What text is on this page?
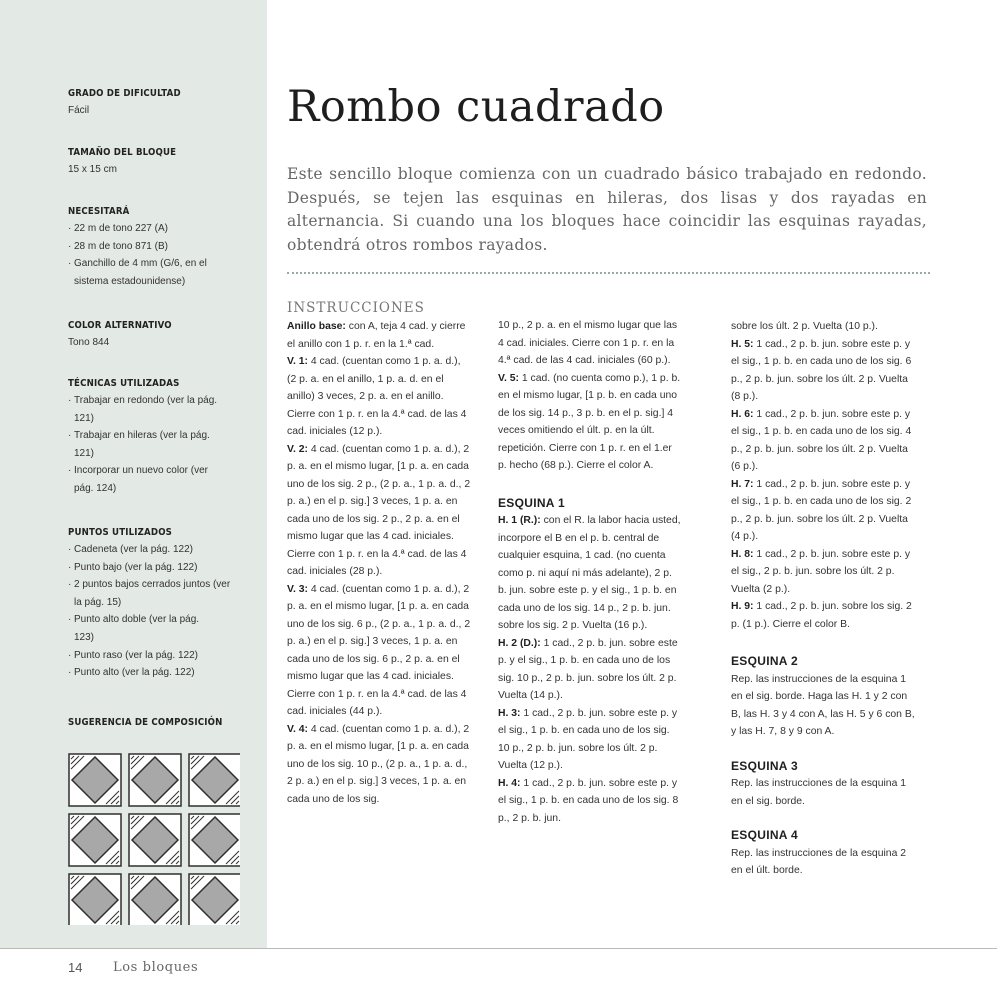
GRADO DE DIFICULTAD
Fácil
TAMAÑO DEL BLOQUE
15 x 15 cm
NECESITARÁ
· 22 m de tono 227 (A)
· 28 m de tono 871 (B)
· Ganchillo de 4 mm (G/6, en el sistema estadounidense)
COLOR ALTERNATIVO
Tono 844
TÉCNICAS UTILIZADAS
· Trabajar en redondo (ver la pág. 121)
· Trabajar en hileras (ver la pág. 121)
· Incorporar un nuevo color (ver pág. 124)
PUNTOS UTILIZADOS
· Cadeneta (ver la pág. 122)
· Punto bajo (ver la pág. 122)
· 2 puntos bajos cerrados juntos (ver la pág. 15)
· Punto alto doble (ver la pág. 123)
· Punto raso (ver la pág. 122)
· Punto alto (ver la pág. 122)
SUGERENCIA DE COMPOSICIÓN
Rombo cuadrado

Este sencillo bloque comienza con un cuadrado básico trabajado en redondo. Después, se tejen las esquinas en hileras, dos lisas y dos rayadas en alternancia. Si cuando una los bloques hace coincidir las esquinas rayadas, obtendrá otros rombos rayados.

INSTRUCCIONES

Anillo base: con A, teja 4 cad. y cierre el anillo con 1 p. r. en la 1.ª cad.

V. 1: 4 cad. (cuentan como 1 p. a. d.), (2 p. a. en el anillo, 1 p. a. d. en el anillo) 3 veces, 2 p. a. en el anillo. Cierre con 1 p. r. en la 4.ª cad. de las 4 cad. iniciales (12 p.).

V. 2: 4 cad. (cuentan como 1 p. a. d.), 2 p. a. en el mismo lugar, [1 p. a. en cada uno de los sig. 2 p., (2 p. a., 1 p. a. d., 2 p. a.) en el p. sig.] 3 veces, 1 p. a. en cada uno de los sig. 2 p., 2 p. a. en el mismo lugar que las 4 cad. iniciales. Cierre con 1 p. r. en la 4.ª cad. de las 4 cad. iniciales (28 p.).

V. 3: 4 cad. (cuentan como 1 p. a. d.), 2 p. a. en el mismo lugar, [1 p. a. en cada uno de los sig. 6 p., (2 p. a., 1 p. a. d., 2 p. a.) en el p. sig.] 3 veces, 1 p. a. en cada uno de los sig. 6 p., 2 p. a. en el mismo lugar que las 4 cad. iniciales. Cierre con 1 p. r. en la 4.ª cad. de las 4 cad. iniciales (44 p.).

V. 4: 4 cad. (cuentan como 1 p. a. d.), 2 p. a. en el mismo lugar, [1 p. a. en cada uno de los sig. 10 p., (2 p. a., 1 p. a. d., 2 p. a.) en el p. sig.] 3 veces, 1 p. a. en cada uno de los sig.

10 p., 2 p. a. en el mismo lugar que las 4 cad. iniciales. Cierre con 1 p. r. en la 4.ª cad. de las 4 cad. iniciales (60 p.).

V. 5: 1 cad. (no cuenta como p.), 1 p. b. en el mismo lugar, [1 p. b. en cada uno de los sig. 14 p., 3 p. b. en el p. sig.] 4 veces omitiendo el últ. p. en la últ. repetición. Cierre con 1 p. r. en el 1.er p. hecho (68 p.). Cierre el color A.

ESQUINA 1

H. 1 (R.): con el R. la labor hacia usted, incorpore el B en el p. b. central de cualquier esquina, 1 cad. (no cuenta como p. ni aquí ni más adelante), 2 p. b. jun. sobre este p. y el sig., 1 p. b. en cada uno de los sig. 14 p., 2 p. b. jun. sobre los sig. 2 p. Vuelta (16 p.).

H. 2 (D.): 1 cad., 2 p. b. jun. sobre este p. y el sig., 1 p. b. en cada uno de los sig. 10 p., 2 p. b. jun. sobre los últ. 2 p. Vuelta (14 p.).

H. 3: 1 cad., 2 p. b. jun. sobre este p. y el sig., 1 p. b. en cada uno de los sig. 10 p., 2 p. b. jun. sobre los últ. 2 p. Vuelta (12 p.).

H. 4: 1 cad., 2 p. b. jun. sobre este p. y el sig., 1 p. b. en cada uno de los sig. 8 p., 2 p. b. jun.

sobre los últ. 2 p. Vuelta (10 p.).

H. 5: 1 cad., 2 p. b. jun. sobre este p. y el sig., 1 p. b. en cada uno de los sig. 6 p., 2 p. b. jun. sobre los últ. 2 p. Vuelta (8 p.).

H. 6: 1 cad., 2 p. b. jun. sobre este p. y el sig., 1 p. b. en cada uno de los sig. 4 p., 2 p. b. jun. sobre los últ. 2 p. Vuelta (6 p.).

H. 7: 1 cad., 2 p. b. jun. sobre este p. y el sig., 1 p. b. en cada uno de los sig. 2 p., 2 p. b. jun. sobre los últ. 2 p. Vuelta (4 p.).

H. 8: 1 cad., 2 p. b. jun. sobre este p. y el sig., 2 p. b. jun. sobre los últ. 2 p. Vuelta (2 p.).

H. 9: 1 cad., 2 p. b. jun. sobre los sig. 2 p. (1 p.). Cierre el color B.

ESQUINA 2

Rep. las instrucciones de la esquina 1 en el sig. borde. Haga las H. 1 y 2 con B, las H. 3 y 4 con A, las H. 5 y 6 con B, y las H. 7, 8 y 9 con A.

ESQUINA 3

Rep. las instrucciones de la esquina 1 en el sig. borde.

ESQUINA 4

Rep. las instrucciones de la esquina 2 en el últ. borde.

14 Los bloques
